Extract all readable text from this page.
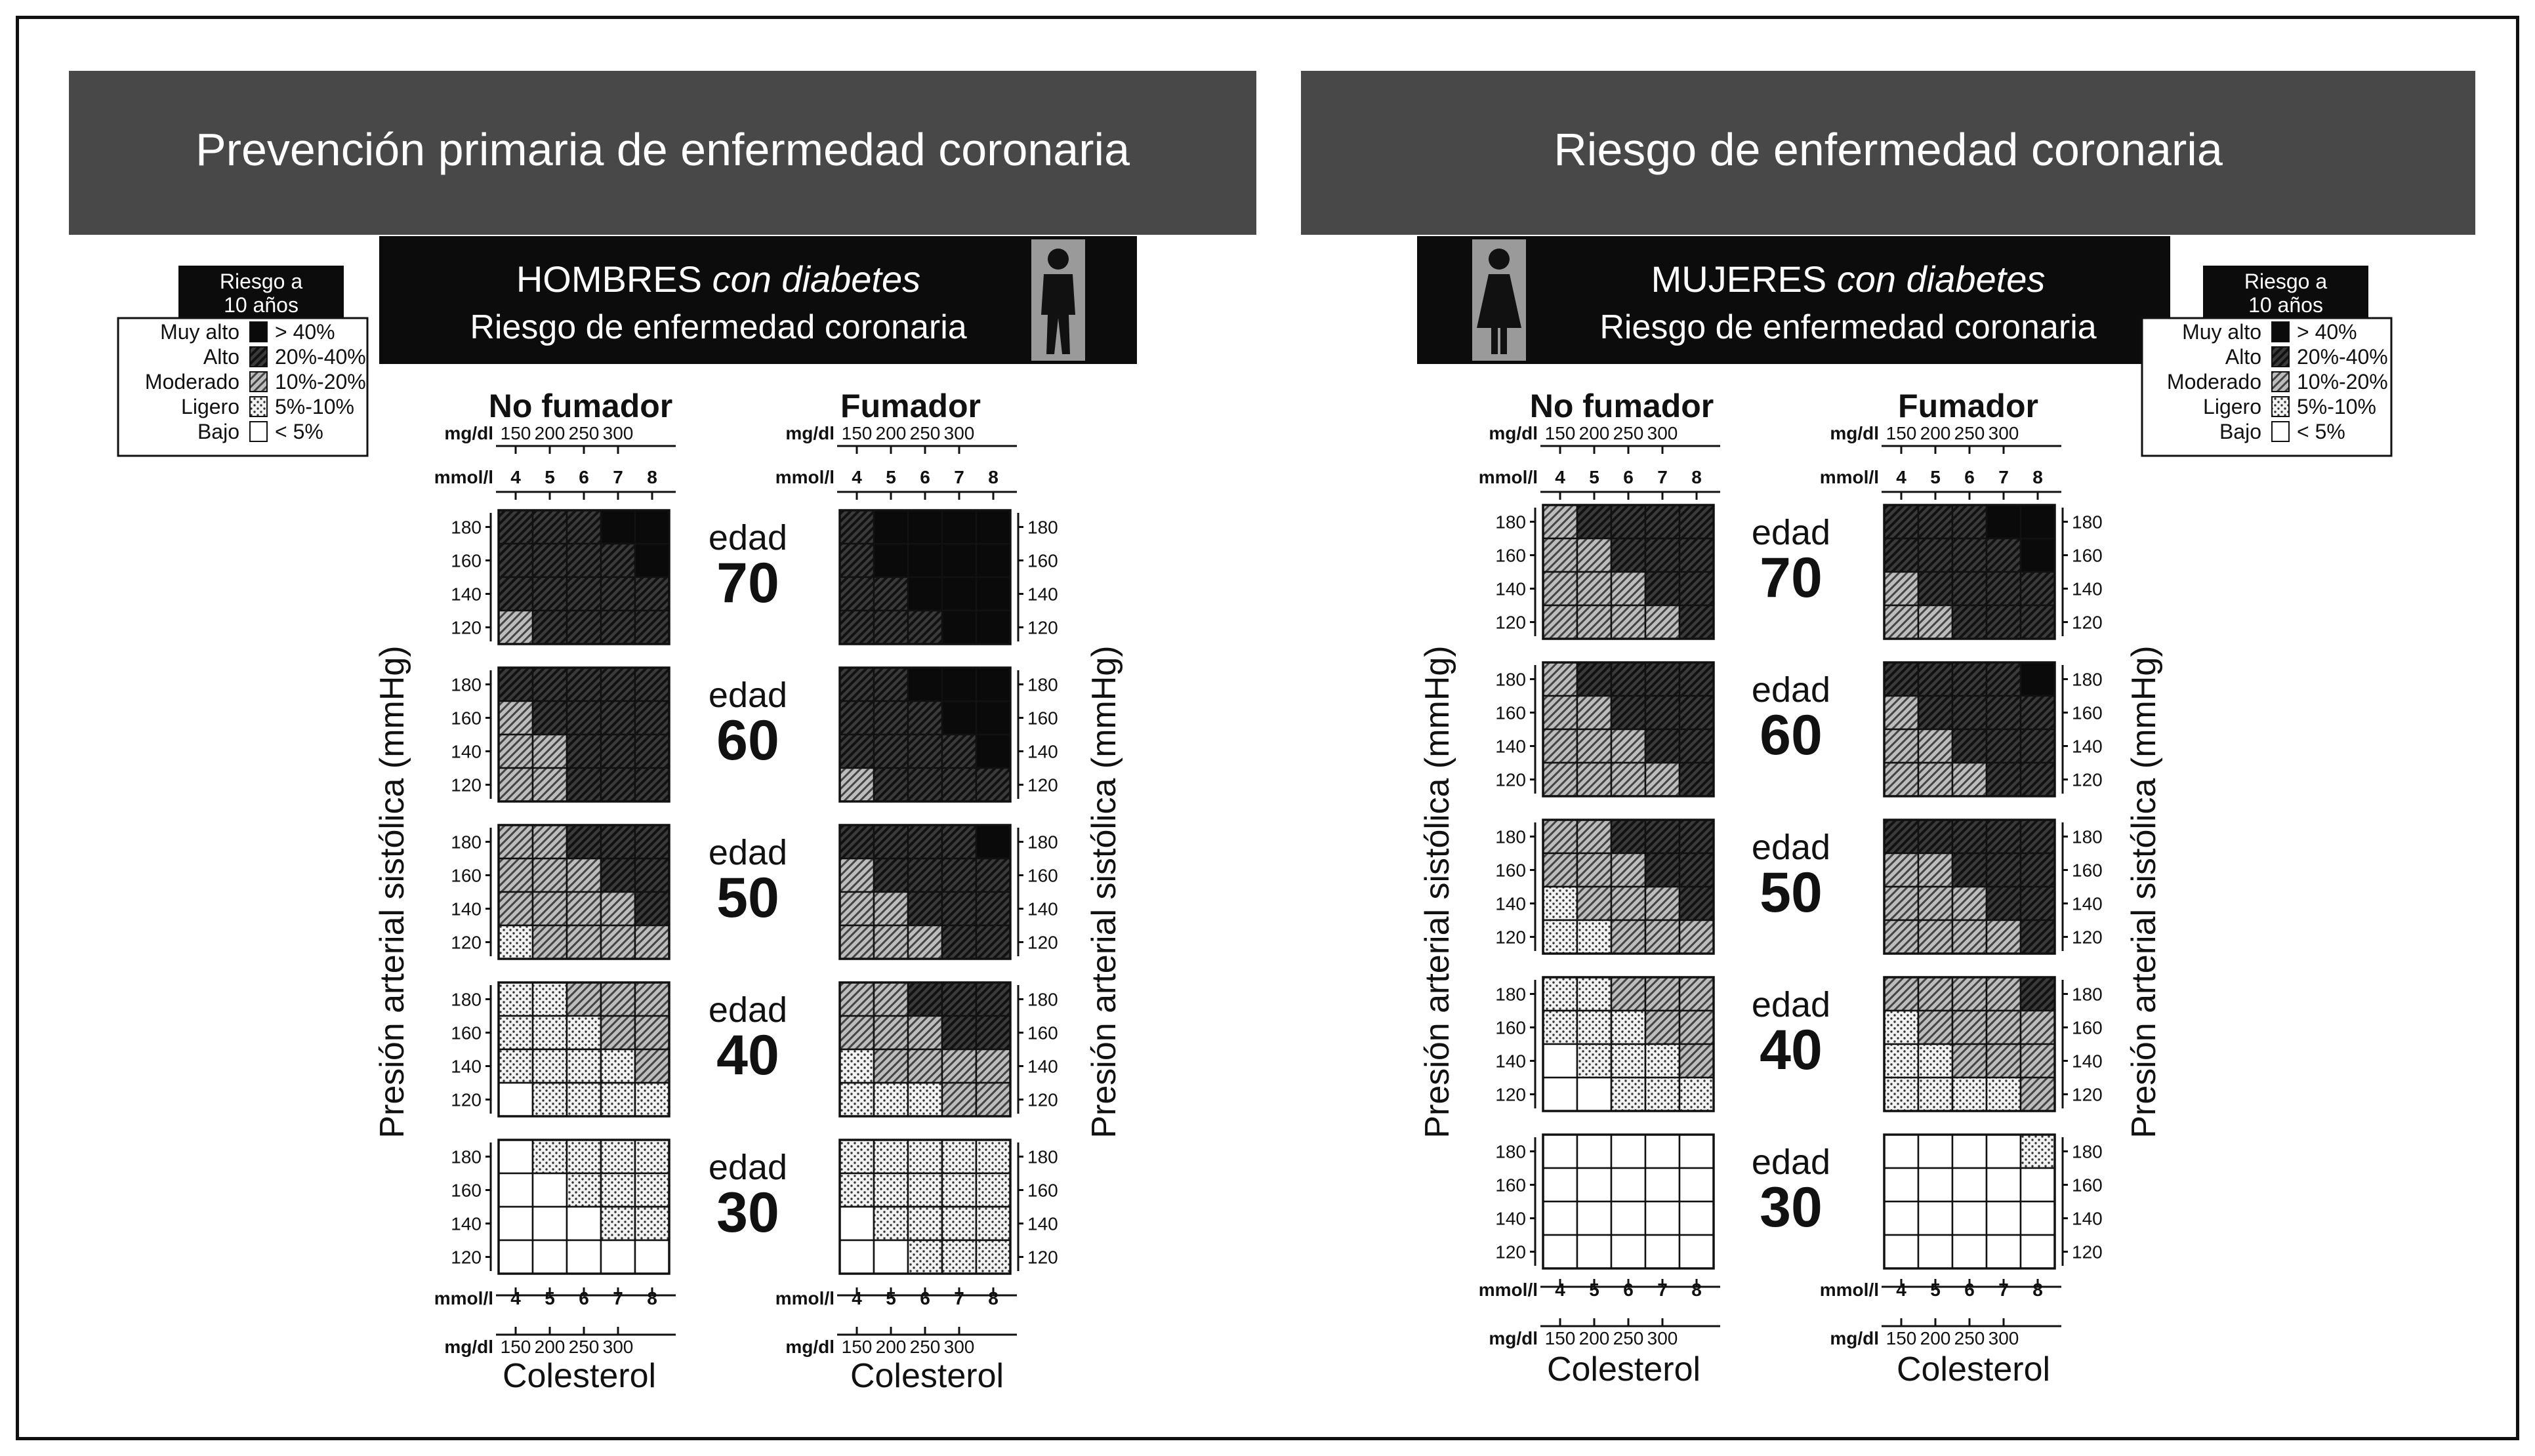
Prevención primaria de enfermedad coronaria	Riesgo de enfermedad coronaria
HOMBRES con diabetes
Riesgo de enfermedad coronaria
MUJERES con diabetes
Riesgo de enfermedad coronaria
Riesgo a
10 años
Muy alto > 40%
Alto 20%-40%
Moderado 10%-20%
Ligero 5%-10%
Bajo < 5%
Riesgo a
10 años
Muy alto > 40%
Alto 20%-40%
Moderado 10%-20%
Ligero 5%-10%
Bajo < 5%
No fumador	Fumador
Presión arterial sistólica (mmHg)	Presión arterial sistólica (mmHg)
mg/dl 150 200 250 300
mmol/l 4 5 6 7 8
mmol/l 4 5 6 7 8
mg/dl 150 200 250 300
Colesterol
180
160
140
120
180
160
140
120
180
160
140
120
180
160
140
120
180
160
140
120
mg/dl 150 200 250 300
mmol/l 4 5 6 7 8
mmol/l 4 5 6 7 8
mg/dl 150 200 250 300
Colesterol
180
160
140
120
180
160
140
120
180
160
140
120
180
160
140
120
180
160
140
120
edad
70
edad
60
edad
50
edad
40
edad
30
No fumador	Fumador
Presión arterial sistólica (mmHg)	Presión arterial sistólica (mmHg)
mg/dl 150 200 250 300
mmol/l 4 5 6 7 8
mmol/l 4 5 6 7 8
mg/dl 150 200 250 300
Colesterol
180
160
140
120
180
160
140
120
180
160
140
120
180
160
140
120
180
160
140
120
mg/dl 150 200 250 300
mmol/l 4 5 6 7 8
mmol/l 4 5 6 7 8
mg/dl 150 200 250 300
Colesterol
180
160
140
120
180
160
140
120
180
160
140
120
180
160
140
120
180
160
140
120
edad
70
edad
60
edad
50
edad
40
edad
30
